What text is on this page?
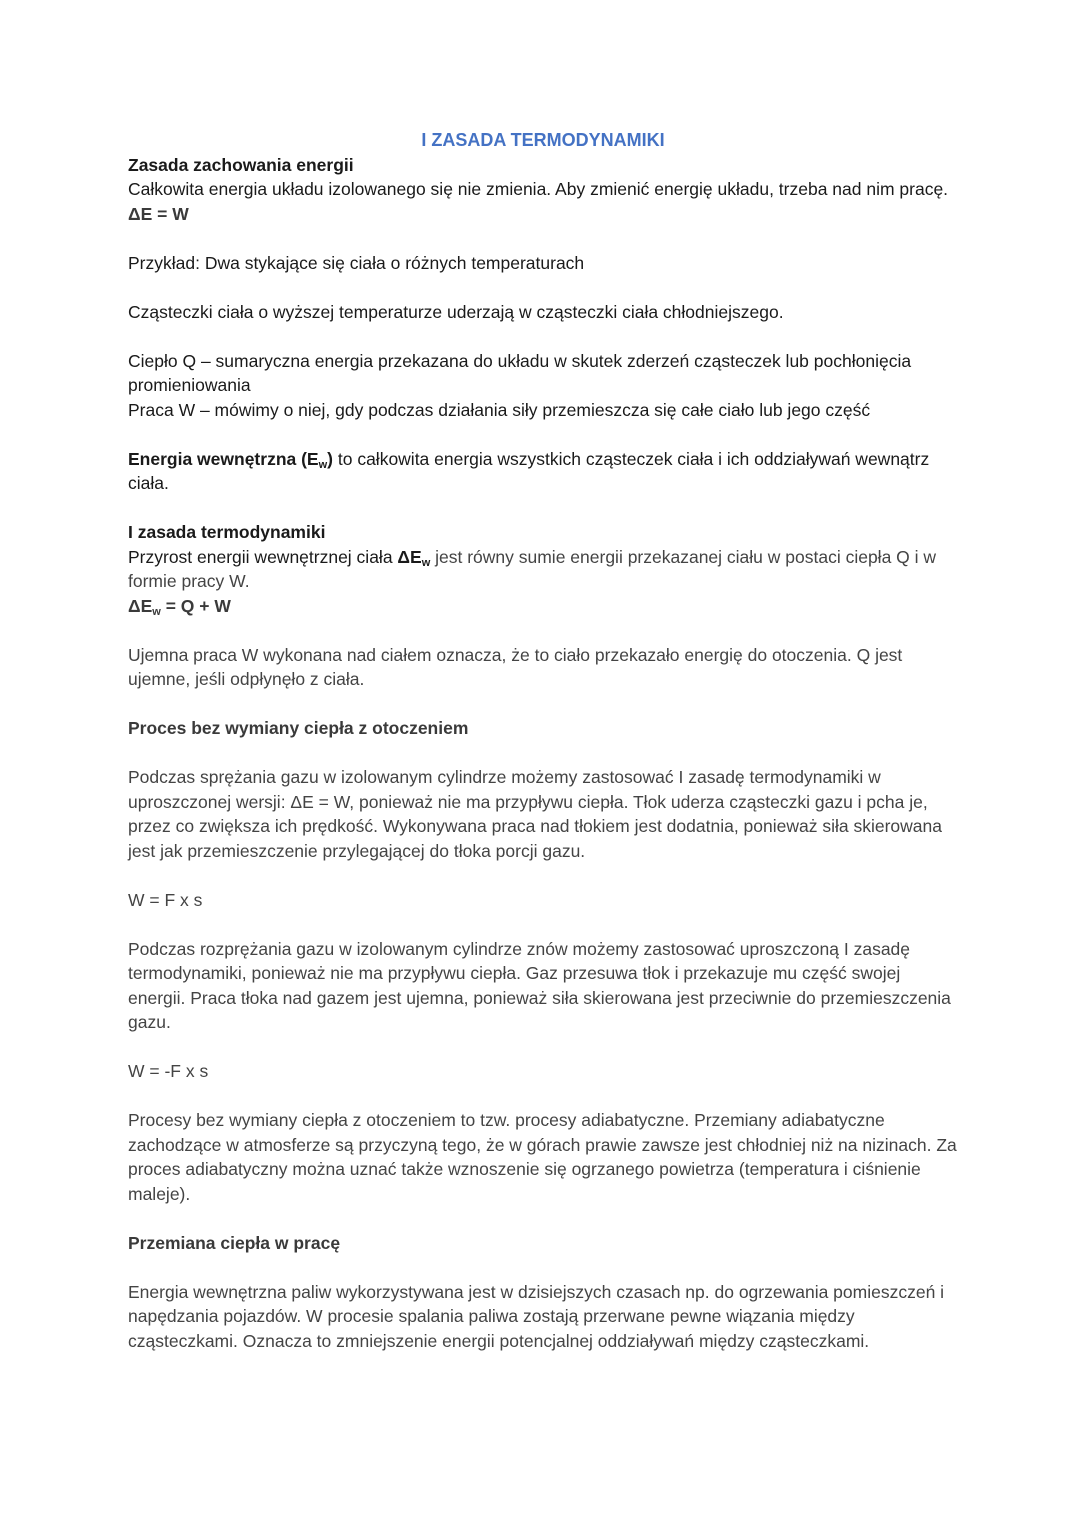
I ZASADA TERMODYNAMIKI

Zasada zachowania energii

Całkowita energia układu izolowanego się nie zmienia. Aby zmienić energię układu, trzeba nad nim pracę.

ΔE = W

Przykład: Dwa stykające się ciała o różnych temperaturach

Cząsteczki ciała o wyższej temperaturze uderzają w cząsteczki ciała chłodniejszego.

Ciepło Q – sumaryczna energia przekazana do układu w skutek zderzeń cząsteczek lub pochłonięcia promieniowania

Praca W – mówimy o niej, gdy podczas działania siły przemieszcza się całe ciało lub jego część

Energia wewnętrzna $(E_w)$ to całkowita energia wszystkich cząsteczek ciała i ich oddziaływań wewnątrz ciała.

I zasada termodynamiki

Przyrost energii wewnętrznej ciała $\Delta E_w$ jest równy sumie energii przekazanej ciału w postaci ciepła Q i w formie pracy W.

$\Delta E_w = Q + W$

Ujemna praca W wykonana nad ciałem oznacza, że to ciało przekazało energię do otoczenia. Q jest ujemne, jeśli odpłynęło z ciała.

Proces bez wymiany ciepła z otoczeniem

Podczas sprężania gazu w izolowanym cylindrze możemy zastosować I zasadę termodynamiki w uproszczonej wersji: ΔE = W, ponieważ nie ma przypływu ciepła. Tłok uderza cząsteczki gazu i pcha je, przez co zwiększa ich prędkość. Wykonywana praca nad tłokiem jest dodatnia, ponieważ siła skierowana jest jak przemieszczenie przylegającej do tłoka porcji gazu.

W = F x s

Podczas rozprężania gazu w izolowanym cylindrze znów możemy zastosować uproszczoną I zasadę termodynamiki, ponieważ nie ma przypływu ciepła. Gaz przesuwa tłok i przekazuje mu część swojej energii. Praca tłoka nad gazem jest ujemna, ponieważ siła skierowana jest przeciwnie do przemieszczenia gazu.

W = -F x s

Procesy bez wymiany ciepła z otoczeniem to tzw. procesy adiabatyczne. Przemiany adiabatyczne zachodzące w atmosferze są przyczyną tego, że w górach prawie zawsze jest chłodniej niż na nizinach. Za proces adiabatyczny można uznać także wznoszenie się ogrzanego powietrza (temperatura i ciśnienie maleje).

Przemiana ciepła w pracę

Energia wewnętrzna paliw wykorzystywana jest w dzisiejszych czasach np. do ogrzewania pomieszczeń i napędzania pojazdów. W procesie spalania paliwa zostają przerwane pewne wiązania między cząsteczkami. Oznacza to zmniejszenie energii potencjalnej oddziaływań między cząsteczkami.
